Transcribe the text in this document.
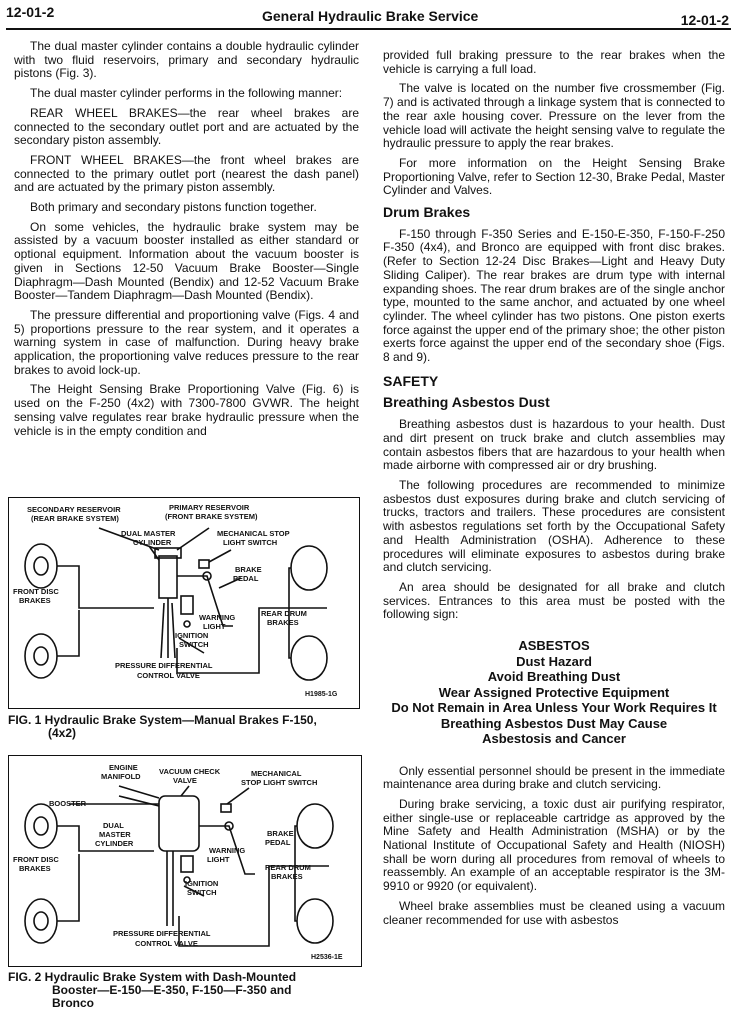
12-01-2	General Hydraulic Brake Service	12-01-2

The dual master cylinder contains a double hydraulic cylinder with two fluid reservoirs, primary and secondary hydraulic pistons (Fig. 3).

The dual master cylinder performs in the following manner:

REAR WHEEL BRAKES—the rear wheel brakes are connected to the secondary outlet port and are actuated by the secondary piston assembly.

FRONT WHEEL BRAKES—the front wheel brakes are connected to the primary outlet port (nearest the dash panel) and are actuated by the primary piston assembly.

Both primary and secondary pistons function together.

On some vehicles, the hydraulic brake system may be assisted by a vacuum booster installed as either standard or optional equipment. Information about the vacuum booster is given in Sections 12-50 Vacuum Brake Booster—Single Diaphragm—Dash Mounted (Bendix) and 12-52 Vacuum Brake Booster—Tandem Diaphragm—Dash Mounted (Bendix).

The pressure differential and proportioning valve (Figs. 4 and 5) proportions pressure to the rear system, and it operates a warning system in case of malfunction. During heavy brake application, the proportioning valve reduces pressure to the rear brakes to avoid lock-up.

The Height Sensing Brake Proportioning Valve (Fig. 6) is used on the F-250 (4x2) with 7300-7800 GVWR. The height sensing valve regulates rear brake hydraulic pressure when the vehicle is in the empty condition and

SECONDARY RESERVOIR
(REAR BRAKE SYSTEM)
PRIMARY RESERVOIR
(FRONT BRAKE SYSTEM)
DUAL MASTER
CYLINDER
MECHANICAL STOP
LIGHT SWITCH
BRAKE
PEDAL
FRONT DISC
BRAKES
WARNING
LIGHT
REAR DRUM
BRAKES
IGNITION
SWITCH
PRESSURE DIFFERENTIAL
CONTROL VALVE
H1985-1G
FIG. 1 Hydraulic Brake System—Manual Brakes F-150,
(4x2)
ENGINE
MANIFOLD
VACUUM CHECK
VALVE
MECHANICAL
STOP LIGHT SWITCH
BOOSTER
DUAL
MASTER
CYLINDER
BRAKE
PEDAL
WARNING
LIGHT
FRONT DISC
BRAKES	REAR DRUM
BRAKES
IGNITION
SWITCH
PRESSURE DIFFERENTIAL
CONTROL VALVE
H2536-1E
FIG. 2 Hydraulic Brake System with Dash-Mounted
Booster—E-150—E-350, F-150—F-350 and
Bronco

provided full braking pressure to the rear brakes when the vehicle is carrying a full load.

The valve is located on the number five crossmember (Fig. 7) and is activated through a linkage system that is connected to the rear axle housing cover. Pressure on the lever from the vehicle load will activate the height sensing valve to regulate the hydraulic pressure to apply the rear brakes.

For more information on the Height Sensing Brake Proportioning Valve, refer to Section 12-30, Brake Pedal, Master Cylinder and Valves.

Drum Brakes

F-150 through F-350 Series and E-150-E-350, F-150-F-250 F-350 (4x4), and Bronco are equipped with front disc brakes. (Refer to Section 12-24 Disc Brakes—Light and Heavy Duty Sliding Caliper). The rear brakes are drum type with internal expanding shoes. The rear drum brakes are of the single anchor type, mounted to the same anchor, and actuated by one wheel cylinder. The wheel cylinder has two pistons. One piston exerts force against the upper end of the primary shoe; the other piston exerts force against the upper end of the secondary shoe (Figs. 8 and 9).

SAFETY
Breathing Asbestos Dust

Breathing asbestos dust is hazardous to your health. Dust and dirt present on truck brake and clutch assemblies may contain asbestos fibers that are hazardous to your health when made airborne with compressed air or dry brushing.

The following procedures are recommended to minimize asbestos dust exposures during brake and clutch servicing of trucks, tractors and trailers. These procedures are consistent with asbestos regulations set forth by the Occupational Safety and Health Administration (OSHA). Adherence to these procedures will eliminate exposures to asbestos during brake and clutch servicing.

An area should be designated for all brake and clutch services. Entrances to this area must be posted with the following sign:

ASBESTOS
Dust Hazard
Avoid Breathing Dust
Wear Assigned Protective Equipment
Do Not Remain in Area Unless Your Work Requires It
Breathing Asbestos Dust May Cause
Asbestosis and Cancer

Only essential personnel should be present in the immediate maintenance area during brake and clutch servicing.

During brake servicing, a toxic dust air purifying respirator, either single-use or replaceable cartridge as approved by the Mine Safety and Health Administration (MSHA) or by the National Institute of Occupational Safety and Health (NIOSH) shall be worn during all procedures from removal of wheels to reassembly. An example of an acceptable respirator is the 3M-9910 or 9920 (or equivalent).

Wheel brake assemblies must be cleaned using a vacuum cleaner recommended for use with asbestos
